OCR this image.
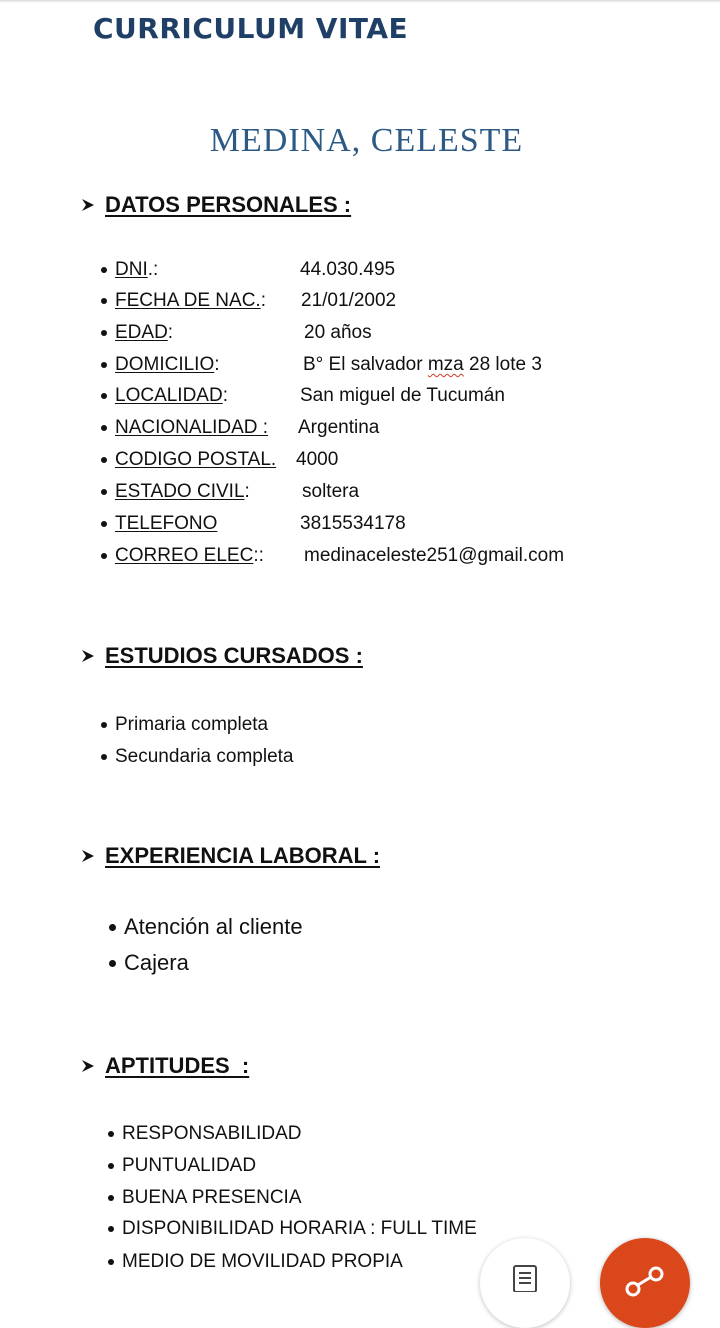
CURRICULUM VITAE
MEDINA, CELESTE
DATOS PERSONALES :
DNI .:	44.030.495
FECHA DE NAC. : 21/01/2002
EDAD :	20 años
DOMICILIO :	B° El salvador mza 28 lote 3
LOCALIDAD :	San miguel de Tucumán
NACIONALIDAD : Argentina
CODIGO POSTAL. 4000
ESTADO CIVIL :	soltera
TELEFONO	3815534178
CORREO ELEC :: medinaceleste251@gmail.com
ESTUDIOS CURSADOS :
Primaria completa
Secundaria completa
EXPERIENCIA LABORAL :
Atención al cliente
Cajera
APTITUDES  :
RESPONSABILIDAD
PUNTUALIDAD
BUENA PRESENCIA
DISPONIBILIDAD HORARIA : FULL TIME
MEDIO DE MOVILIDAD PROPIA
